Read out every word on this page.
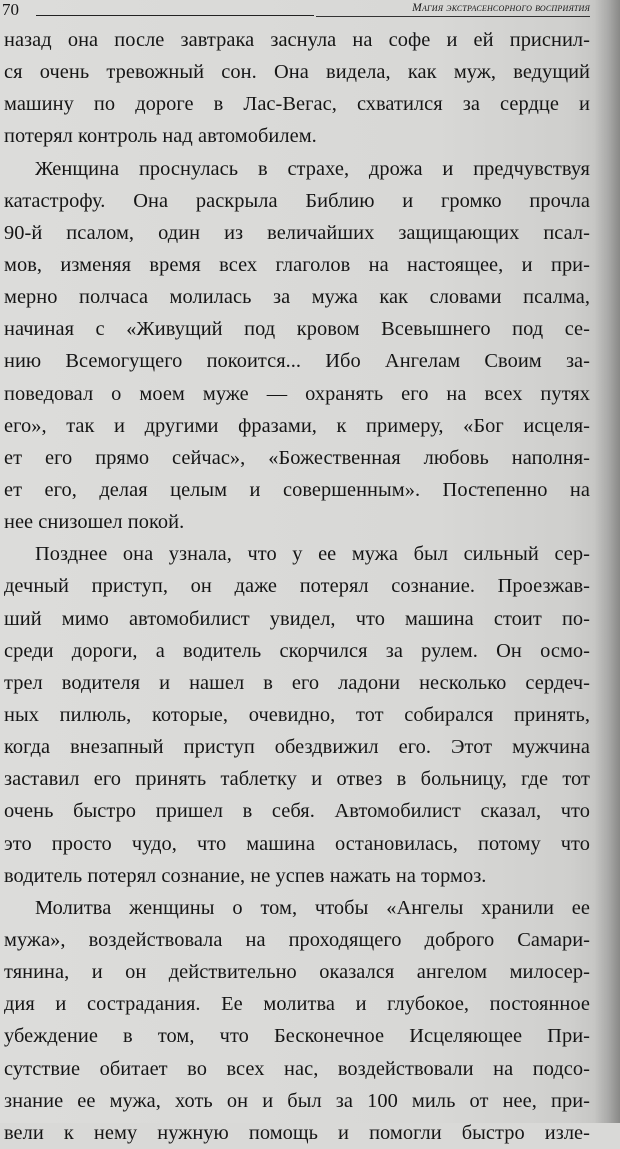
70	Магия экстрасенсорного восприятия
назад она после завтрака заснула на софе и ей приснил-
ся очень тревожный сон. Она видела, как муж, ведущий
машину по дороге в Лас-Вегас, схватился за сердце и
потерял контроль над автомобилем.
Женщина проснулась в страхе, дрожа и предчувствуя
катастрофу. Она раскрыла Библию и громко прочла
90-й псалом, один из величайших защищающих псал-
мов, изменяя время всех глаголов на настоящее, и при-
мерно полчаса молилась за мужа как словами псалма,
начиная с «Живущий под кровом Всевышнего под се-
нию Всемогущего покоится... Ибо Ангелам Своим за-
поведовал о моем муже — охранять его на всех путях
его», так и другими фразами, к примеру, «Бог исцеля-
ет его прямо сейчас», «Божественная любовь наполня-
ет его, делая целым и совершенным». Постепенно на
нее снизошел покой.
Позднее она узнала, что у ее мужа был сильный сер-
дечный приступ, он даже потерял сознание. Проезжав-
ший мимо автомобилист увидел, что машина стоит по-
среди дороги, а водитель скорчился за рулем. Он осмо-
трел водителя и нашел в его ладони несколько сердеч-
ных пилюль, которые, очевидно, тот собирался принять,
когда внезапный приступ обездвижил его. Этот мужчина
заставил его принять таблетку и отвез в больницу, где тот
очень быстро пришел в себя. Автомобилист сказал, что
это просто чудо, что машина остановилась, потому что
водитель потерял сознание, не успев нажать на тормоз.
Молитва женщины о том, чтобы «Ангелы хранили ее
мужа», воздействовала на проходящего доброго Самари-
тянина, и он действительно оказался ангелом милосер-
дия и сострадания. Ее молитва и глубокое, постоянное
убеждение в том, что Бесконечное Исцеляющее При-
сутствие обитает во всех нас, воздействовали на подсо-
знание ее мужа, хоть он и был за 100 миль от нее, при-
вели к нему нужную помощь и помогли быстро изле-
